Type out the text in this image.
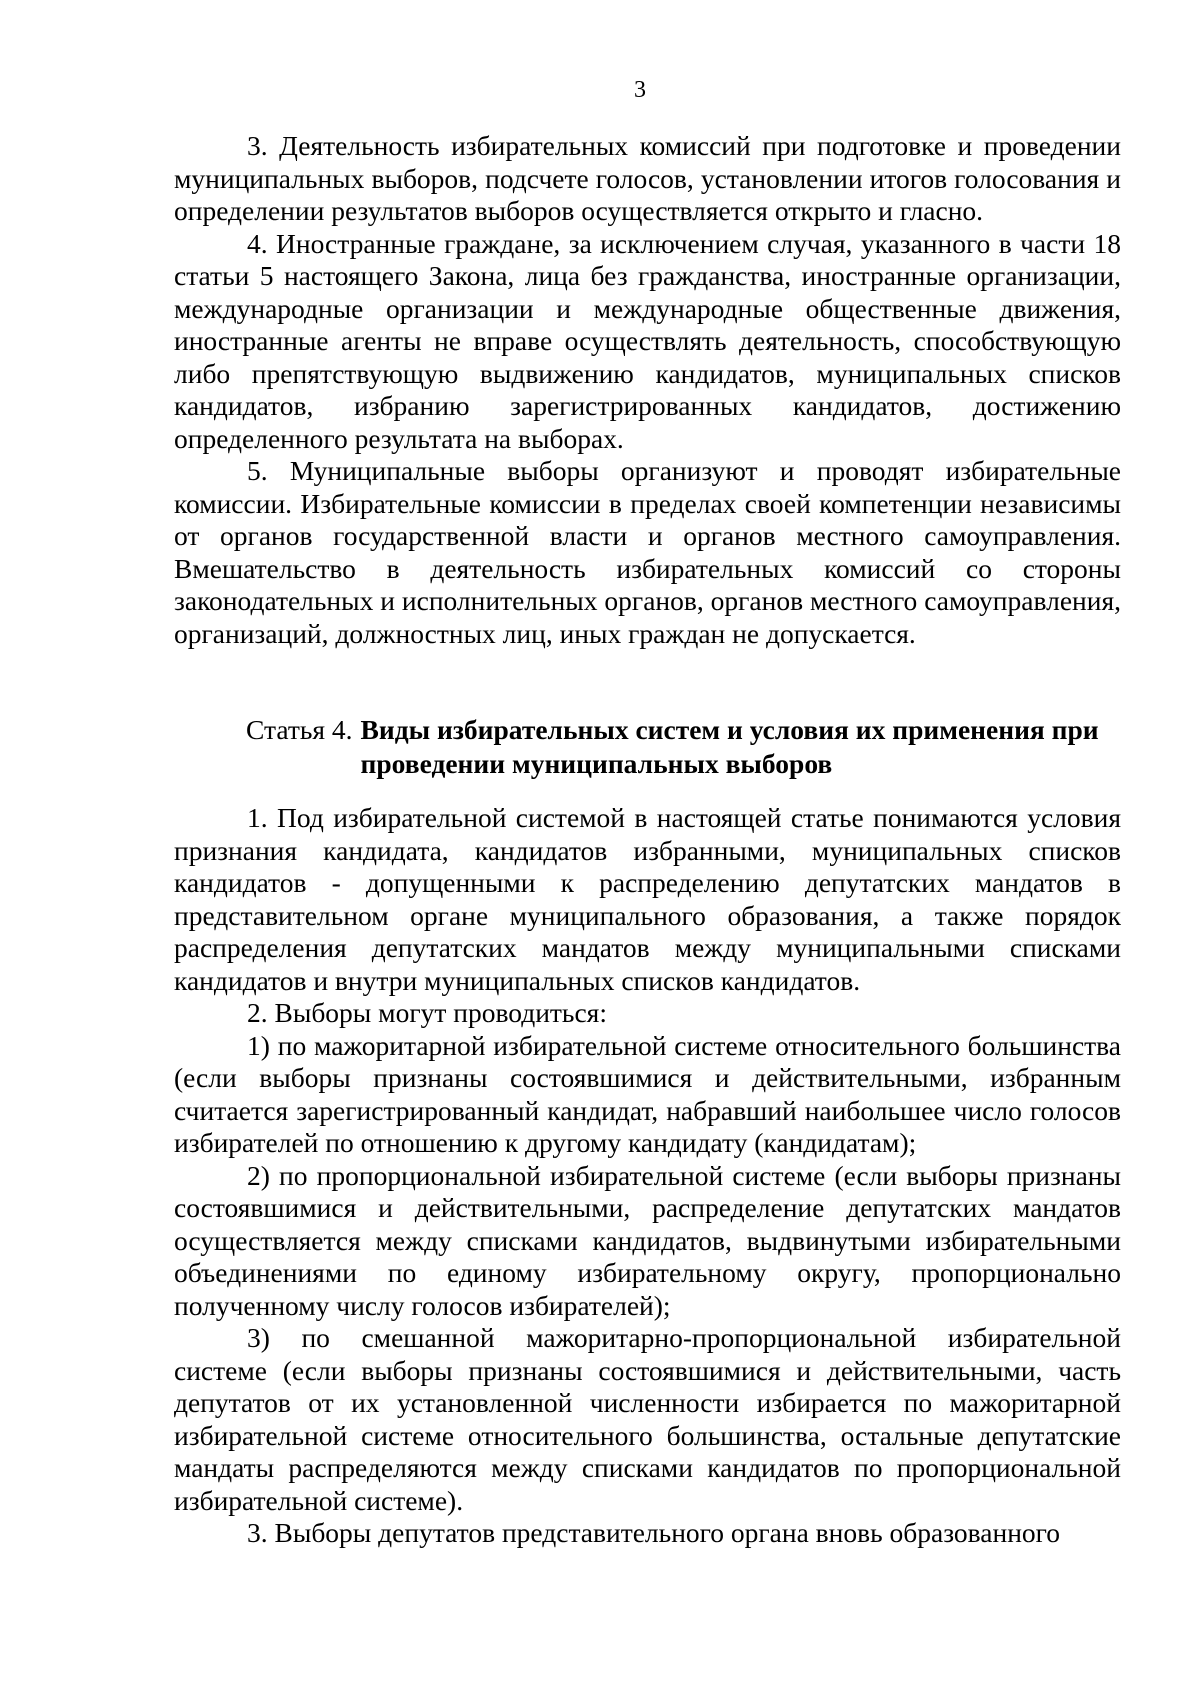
3

3. Деятельность избирательных комиссий при подготовке и проведении муниципальных выборов, подсчете голосов, установлении итогов голосования и определении результатов выборов осуществляется открыто и гласно.

4. Иностранные граждане, за исключением случая, указанного в части 18 статьи 5 настоящего Закона, лица без гражданства, иностранные организации, международные организации и международные общественные движения, иностранные агенты не вправе осуществлять деятельность, способствующую либо препятствующую выдвижению кандидатов, муниципальных списков кандидатов, избранию зарегистрированных кандидатов, достижению определенного результата на выборах.

5. Муниципальные выборы организуют и проводят избирательные комиссии. Избирательные комиссии в пределах своей компетенции независимы от органов государственной власти и органов местного самоуправления. Вмешательство в деятельность избирательных комиссий со стороны законодательных и исполнительных органов, органов местного самоуправления, организаций, должностных лиц, иных граждан не допускается.

Статья 4. Виды избирательных систем и условия их применения при проведении муниципальных выборов

1. Под избирательной системой в настоящей статье понимаются условия признания кандидата, кандидатов избранными, муниципальных списков кандидатов - допущенными к распределению депутатских мандатов в представительном органе муниципального образования, а также порядок распределения депутатских мандатов между муниципальными списками кандидатов и внутри муниципальных списков кандидатов.

2. Выборы могут проводиться:

1) по мажоритарной избирательной системе относительного большинства (если выборы признаны состоявшимися и действительными, избранным считается зарегистрированный кандидат, набравший наибольшее число голосов избирателей по отношению к другому кандидату (кандидатам);

2) по пропорциональной избирательной системе (если выборы признаны состоявшимися и действительными, распределение депутатских мандатов осуществляется между списками кандидатов, выдвинутыми избирательными объединениями по единому избирательному округу, пропорционально полученному числу голосов избирателей);

3) по смешанной мажоритарно-пропорциональной избирательной системе (если выборы признаны состоявшимися и действительными, часть депутатов от их установленной численности избирается по мажоритарной избирательной системе относительного большинства, остальные депутатские мандаты распределяются между списками кандидатов по пропорциональной избирательной системе).

3. Выборы депутатов представительного органа вновь образованного
